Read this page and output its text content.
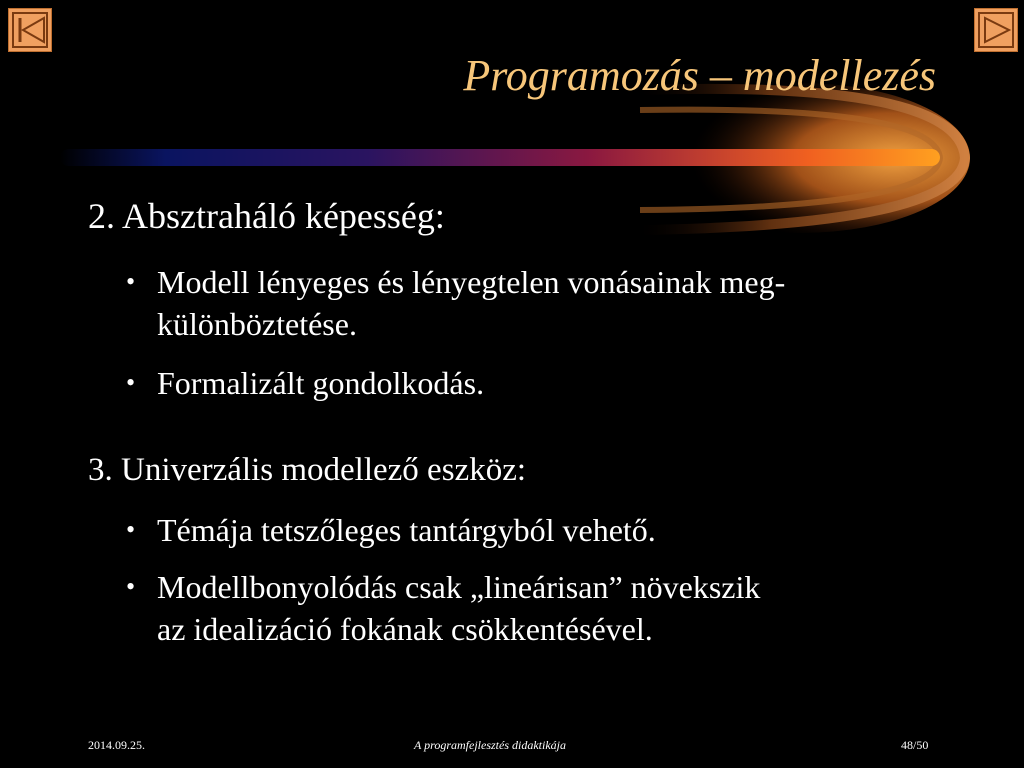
Programozás – modellezés
2. Absztraháló képesség:
• Modell lényeges és lényegtelen vonásainak meg-
különböztetése.
• Formalizált gondolkodás.
3. Univerzális modellező eszköz:
• Témája tetszőleges tantárgyból vehető.
• Modellbonyolódás csak „lineárisan” növekszik
az idealizáció fokának csökkentésével.
2014.09.25.	A programfejlesztés didaktikája	48/50
